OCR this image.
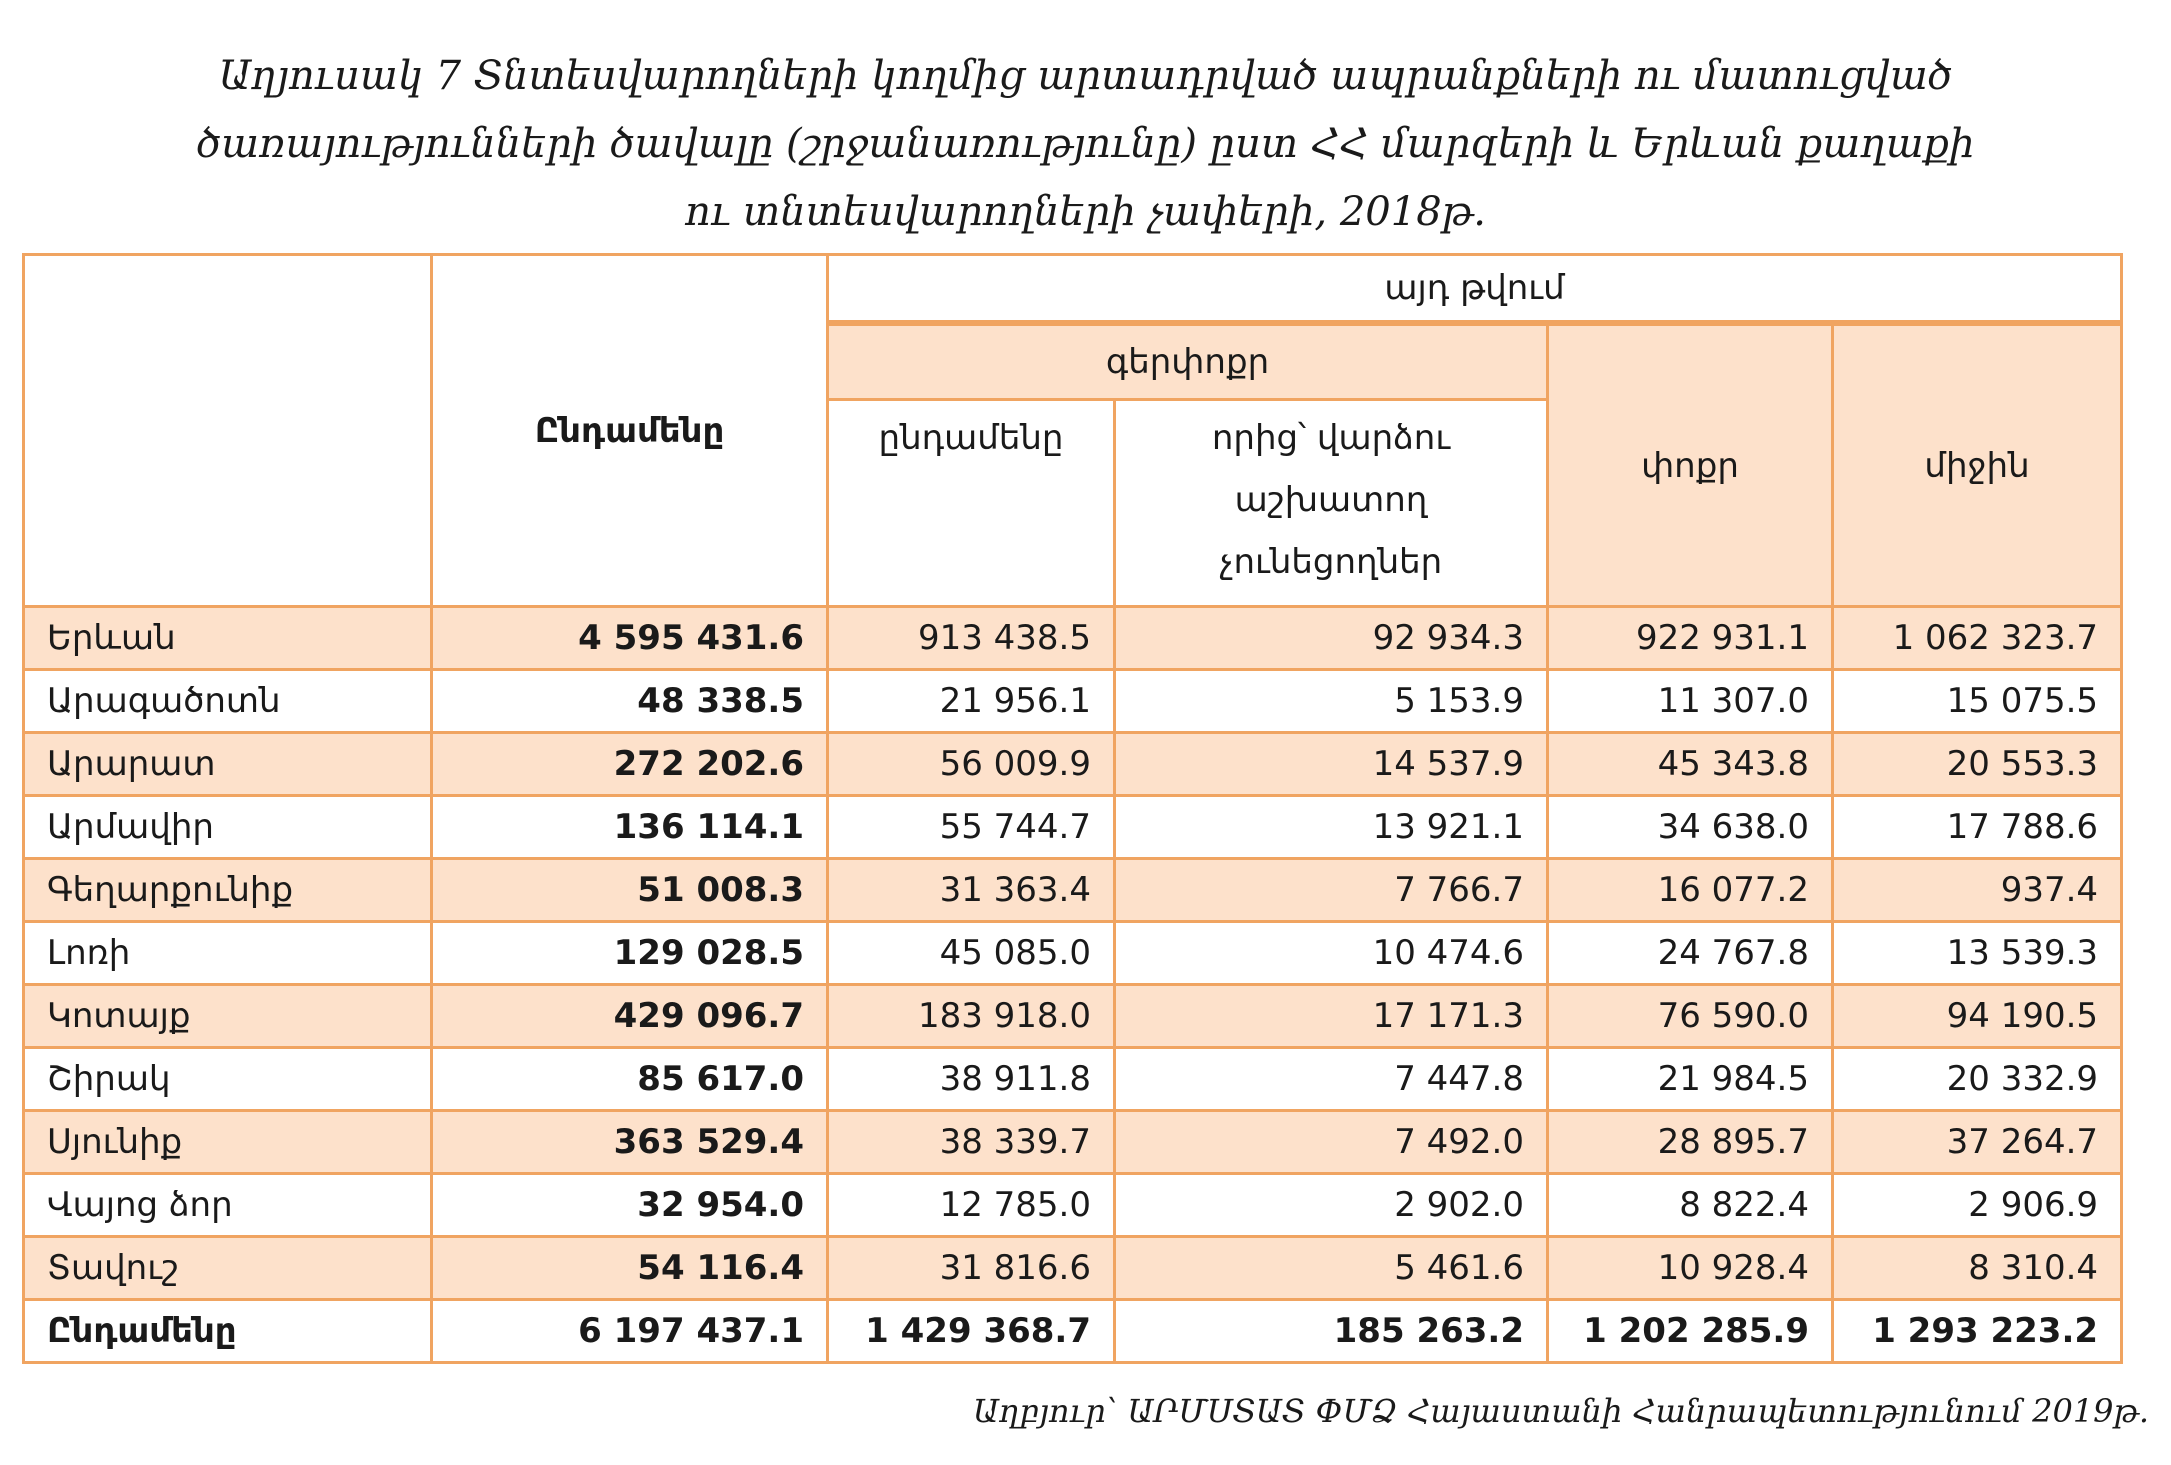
Աղյուսակ 7 Տնտեսվարողների կողմից արտադրված ապրանքների ու մատուցված
ծառայությունների ծավալը (շրջանառությունը) ըստ ՀՀ մարզերի և Երևան քաղաքի
ու տնտեսվարողների չափերի, 2018թ.
	Ընդամենը	այդ թվում			
		գերփոքր		փոքր	միջին
		ընդամենը	որից՝ վարձու աշխատող չունեցողներ		
Երևան	4 595 431.6	913 438.5	92 934.3	922 931.1	1 062 323.7
Արագածոտն	48 338.5	21 956.1	5 153.9	11 307.0	15 075.5
Արարատ	272 202.6	56 009.9	14 537.9	45 343.8	20 553.3
Արմավիր	136 114.1	55 744.7	13 921.1	34 638.0	17 788.6
Գեղարքունիք	51 008.3	31 363.4	7 766.7	16 077.2	937.4
Լոռի	129 028.5	45 085.0	10 474.6	24 767.8	13 539.3
Կոտայք	429 096.7	183 918.0	17 171.3	76 590.0	94 190.5
Շիրակ	85 617.0	38 911.8	7 447.8	21 984.5	20 332.9
Սյունիք	363 529.4	38 339.7	7 492.0	28 895.7	37 264.7
Վայոց ձոր	32 954.0	12 785.0	2 902.0	8 822.4	2 906.9
Տավուշ	54 116.4	31 816.6	5 461.6	10 928.4	8 310.4
Ընդամենը	6 197 437.1	1 429 368.7	185 263.2	1 202 285.9	1 293 223.2
Աղբյուր՝ ԱՐՄՍՏԱՏ ՓՄՁ Հայաստանի Հանրապետությունում 2019թ.
